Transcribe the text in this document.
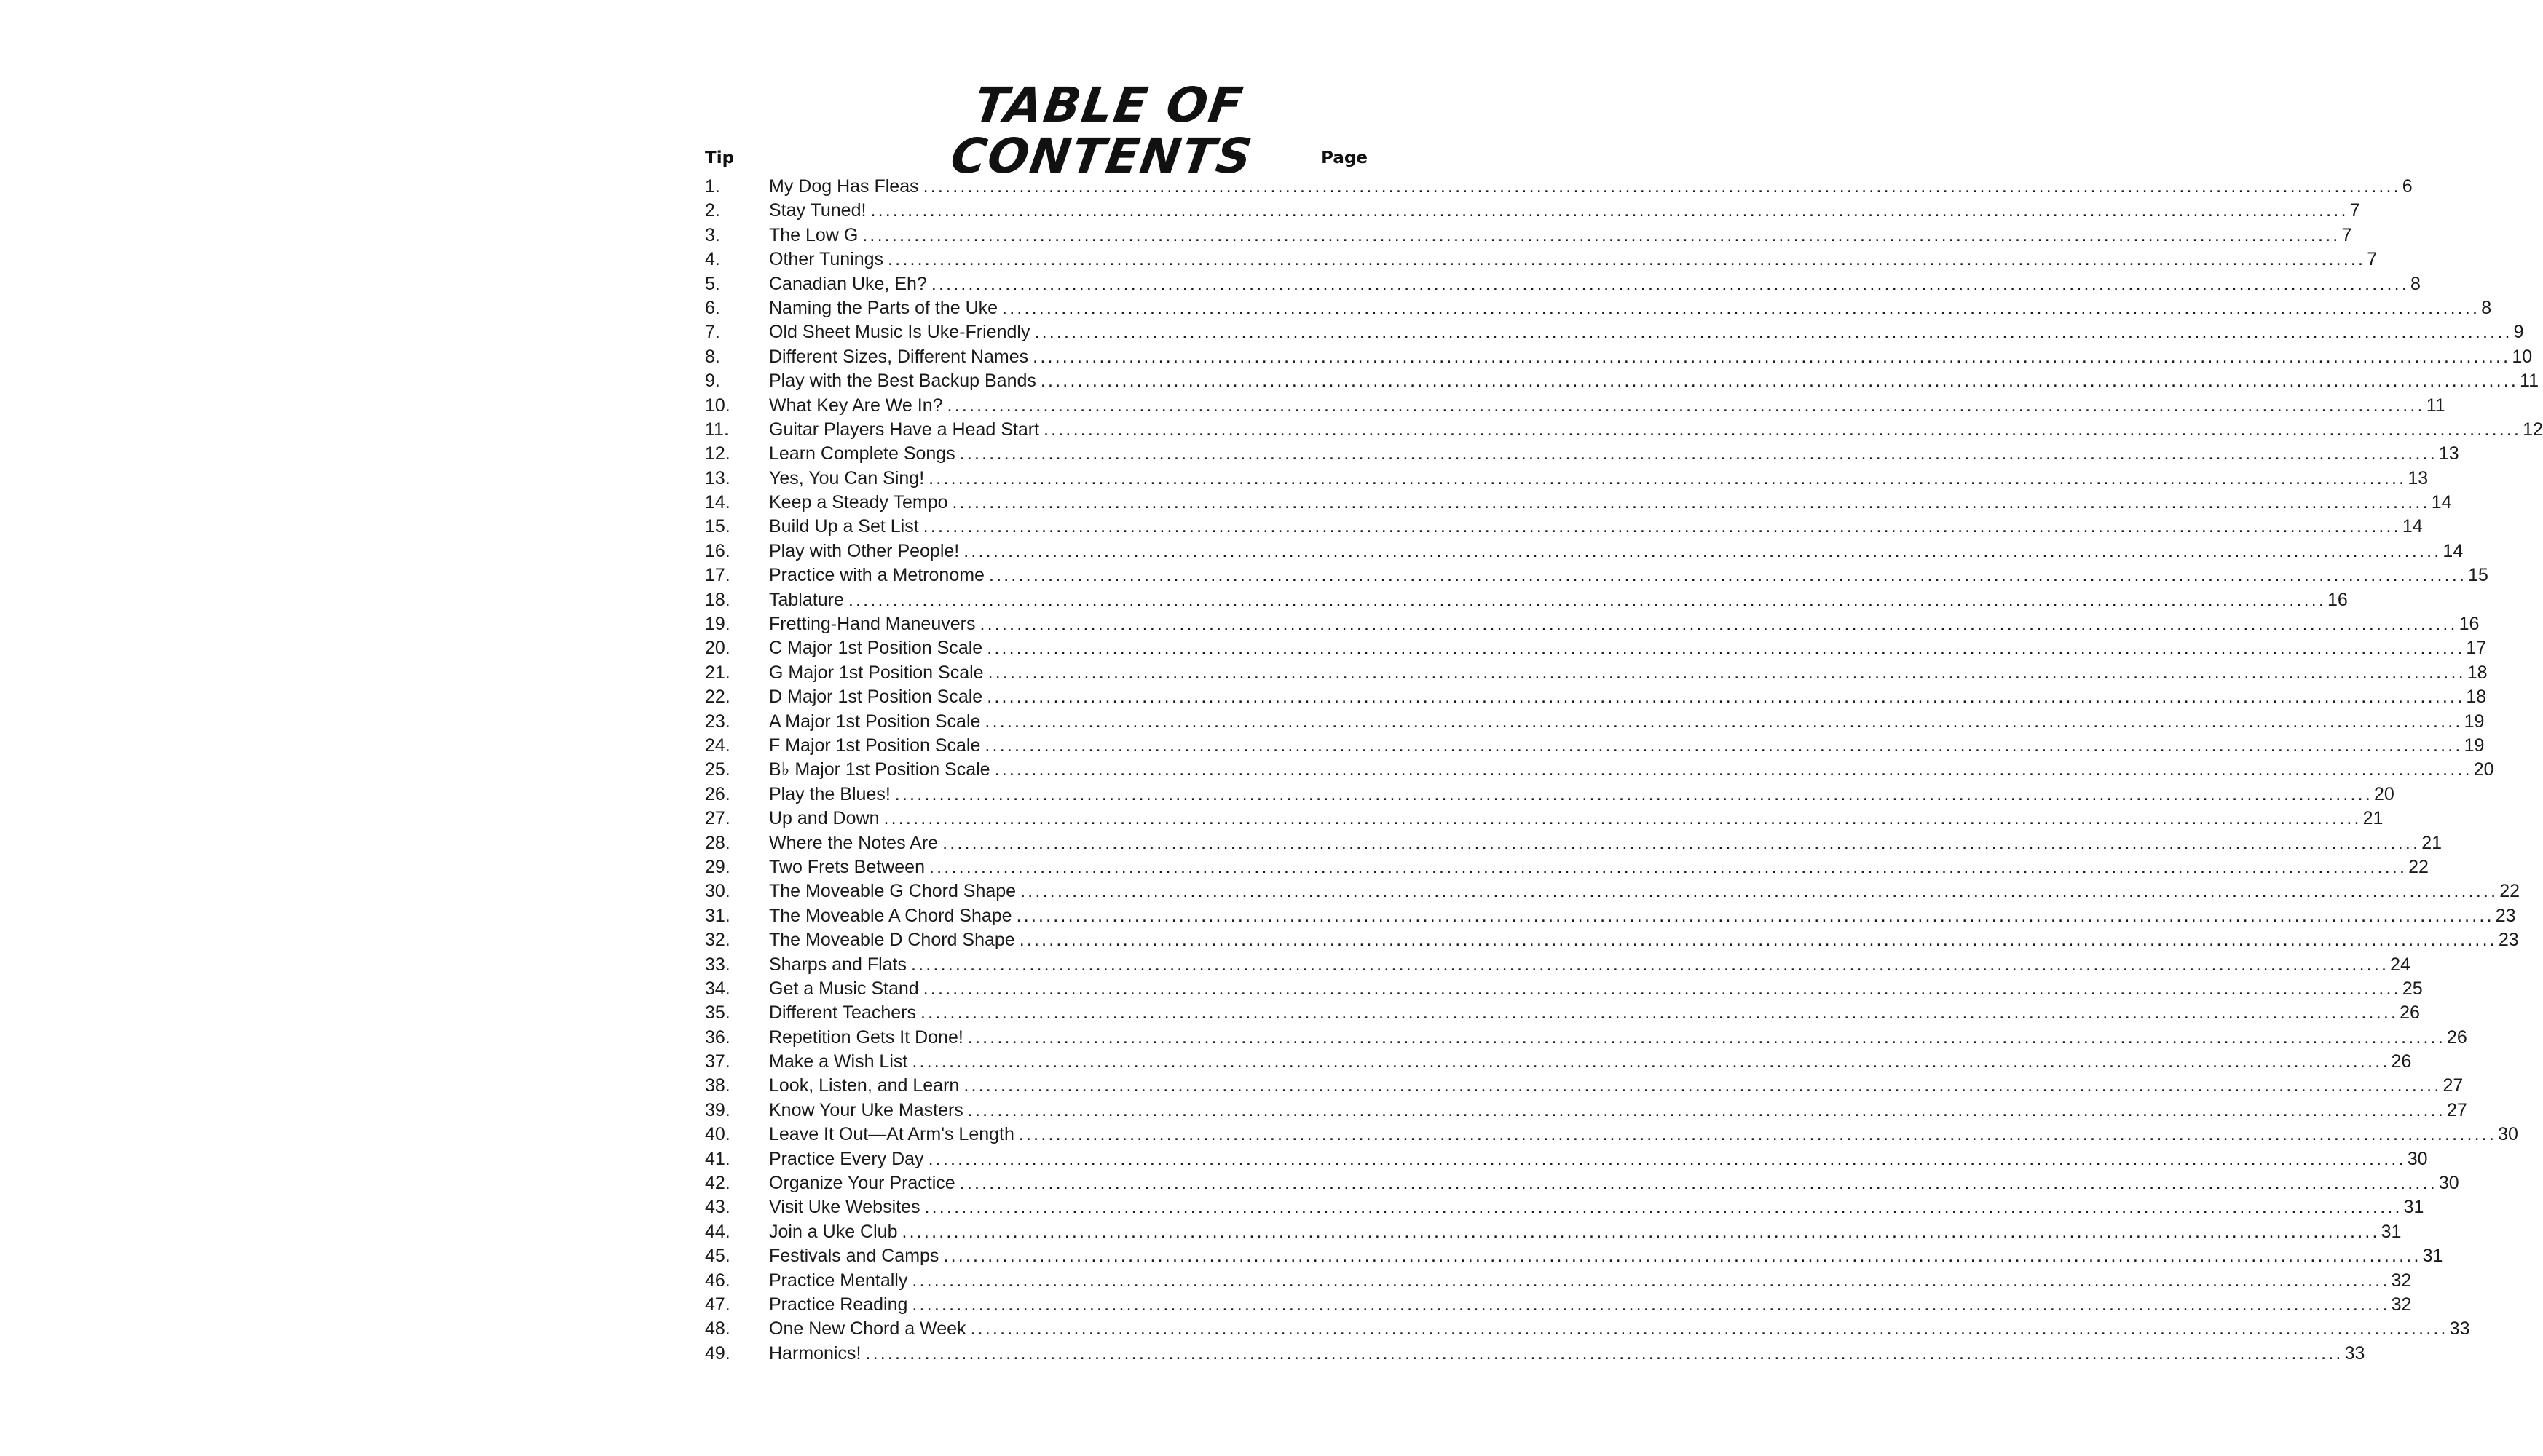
TABLE OF CONTENTS
Tip	Page
1.	My Dog Has Fleas ........................................................................................................................................................................................................ 6
2.	Stay Tuned! ........................................................................................................................................................................................................ 7
3.	The Low G ........................................................................................................................................................................................................ 7
4.	Other Tunings ........................................................................................................................................................................................................ 7
5.	Canadian Uke, Eh? ........................................................................................................................................................................................................ 8
6.	Naming the Parts of the Uke ........................................................................................................................................................................................................ 8
7.	Old Sheet Music Is Uke-Friendly ........................................................................................................................................................................................................ 9
8.	Different Sizes, Different Names ........................................................................................................................................................................................................ 10
9.	Play with the Best Backup Bands ........................................................................................................................................................................................................ 11
10.	What Key Are We In? ........................................................................................................................................................................................................ 11
11.	Guitar Players Have a Head Start ........................................................................................................................................................................................................ 12
12.	Learn Complete Songs ........................................................................................................................................................................................................ 13
13.	Yes, You Can Sing! ........................................................................................................................................................................................................ 13
14.	Keep a Steady Tempo ........................................................................................................................................................................................................ 14
15.	Build Up a Set List ........................................................................................................................................................................................................ 14
16.	Play with Other People! ........................................................................................................................................................................................................ 14
17.	Practice with a Metronome ........................................................................................................................................................................................................ 15
18.	Tablature ........................................................................................................................................................................................................ 16
19.	Fretting-Hand Maneuvers ........................................................................................................................................................................................................ 16
20.	C Major 1st Position Scale ........................................................................................................................................................................................................ 17
21.	G Major 1st Position Scale ........................................................................................................................................................................................................ 18
22.	D Major 1st Position Scale ........................................................................................................................................................................................................ 18
23.	A Major 1st Position Scale ........................................................................................................................................................................................................ 19
24.	F Major 1st Position Scale ........................................................................................................................................................................................................ 19
25.	B♭ Major 1st Position Scale ........................................................................................................................................................................................................ 20
26.	Play the Blues! ........................................................................................................................................................................................................ 20
27.	Up and Down ........................................................................................................................................................................................................ 21
28.	Where the Notes Are ........................................................................................................................................................................................................ 21
29.	Two Frets Between ........................................................................................................................................................................................................ 22
30.	The Moveable G Chord Shape ........................................................................................................................................................................................................ 22
31.	The Moveable A Chord Shape ........................................................................................................................................................................................................ 23
32.	The Moveable D Chord Shape ........................................................................................................................................................................................................ 23
33.	Sharps and Flats ........................................................................................................................................................................................................ 24
34.	Get a Music Stand ........................................................................................................................................................................................................ 25
35.	Different Teachers ........................................................................................................................................................................................................ 26
36.	Repetition Gets It Done! ........................................................................................................................................................................................................ 26
37.	Make a Wish List ........................................................................................................................................................................................................ 26
38.	Look, Listen, and Learn ........................................................................................................................................................................................................ 27
39.	Know Your Uke Masters ........................................................................................................................................................................................................ 27
40.	Leave It Out—At Arm's Length ........................................................................................................................................................................................................ 30
41.	Practice Every Day ........................................................................................................................................................................................................ 30
42.	Organize Your Practice ........................................................................................................................................................................................................ 30
43.	Visit Uke Websites ........................................................................................................................................................................................................ 31
44.	Join a Uke Club ........................................................................................................................................................................................................ 31
45.	Festivals and Camps ........................................................................................................................................................................................................ 31
46.	Practice Mentally ........................................................................................................................................................................................................ 32
47.	Practice Reading ........................................................................................................................................................................................................ 32
48.	One New Chord a Week ........................................................................................................................................................................................................ 33
49.	Harmonics! ........................................................................................................................................................................................................ 33
